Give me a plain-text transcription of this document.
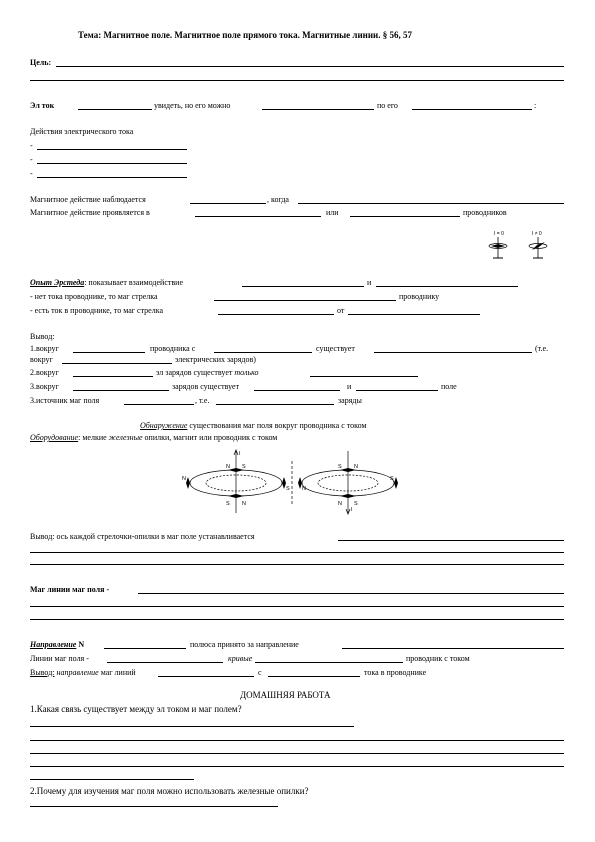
Тема: Магнитное поле. Магнитное поле прямого тока. Магнитные линии. § 56, 57
Цель:
Эл ток	увидеть, но его можно	по его	:
Действия электрического тока
-
-
-
Магнитное действие наблюдается	, когда
Магнитное действие проявляется в	или	проводников
I = 0	I ≠ 0
Опыт Эрстеда: показывает взаимодействие	и
- нет тока проводнике, то маг стрелка	проводнику
- есть ток в проводнике, то маг стрелка	от
Вывод:
1.вокруг	проводника с	существует	(т.е.
вокруг	электрических зарядов)
2.вокруг	эл зарядов существует только
3.вокруг	зарядов существует	и	поле
3.источник маг поля	, т.е.	заряды
Обнаружение существования маг поля вокруг проводника с током
Оборудование: мелкие железные опилки, магнит или проводник с током
I
I
N S
S N
N
S
S N
N S
N
S
Вывод: ось каждой стрелочки-опилки в маг поле устанавливается
Маг линии маг поля -
Направление N	полюса принято за направление
Линии маг поля -	кривые	проводник с током
Вывод: направление маг линий	с	тока в проводнике
ДОМАШНЯЯ РАБОТА
1.Какая связь существует между эл током и маг полем?
2.Почему для изучения маг поля можно использовать железные опилки?
